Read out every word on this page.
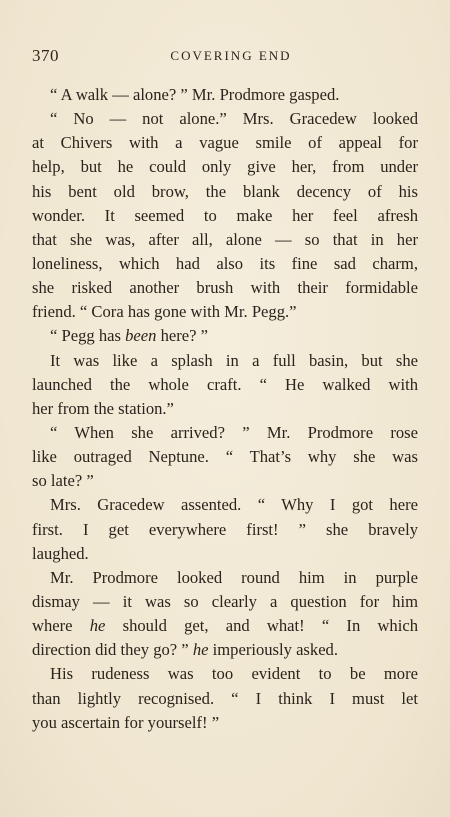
370	COVERING END
“ A walk — alone? ” Mr. Prodmore gasped.
“ No — not alone.” Mrs. Gracedew looked
at Chivers with a vague smile of appeal for
help, but he could only give her, from under
his bent old brow, the blank decency of his
wonder. It seemed to make her feel afresh
that she was, after all, alone — so that in her
loneliness, which had also its fine sad charm,
she risked another brush with their formidable
friend. “ Cora has gone with Mr. Pegg.”
“ Pegg has been here? ”
It was like a splash in a full basin, but she
launched the whole craft. “ He walked with
her from the station.”
“ When she arrived? ” Mr. Prodmore rose
like outraged Neptune. “ That’s why she was
so late? ”
Mrs. Gracedew assented. “ Why I got here
first. I get everywhere first! ” she bravely
laughed.
Mr. Prodmore looked round him in purple
dismay — it was so clearly a question for him
where he should get, and what! “ In which
direction did they go? ” he imperiously asked.
His rudeness was too evident to be more
than lightly recognised. “ I think I must let
you ascertain for yourself! ”
